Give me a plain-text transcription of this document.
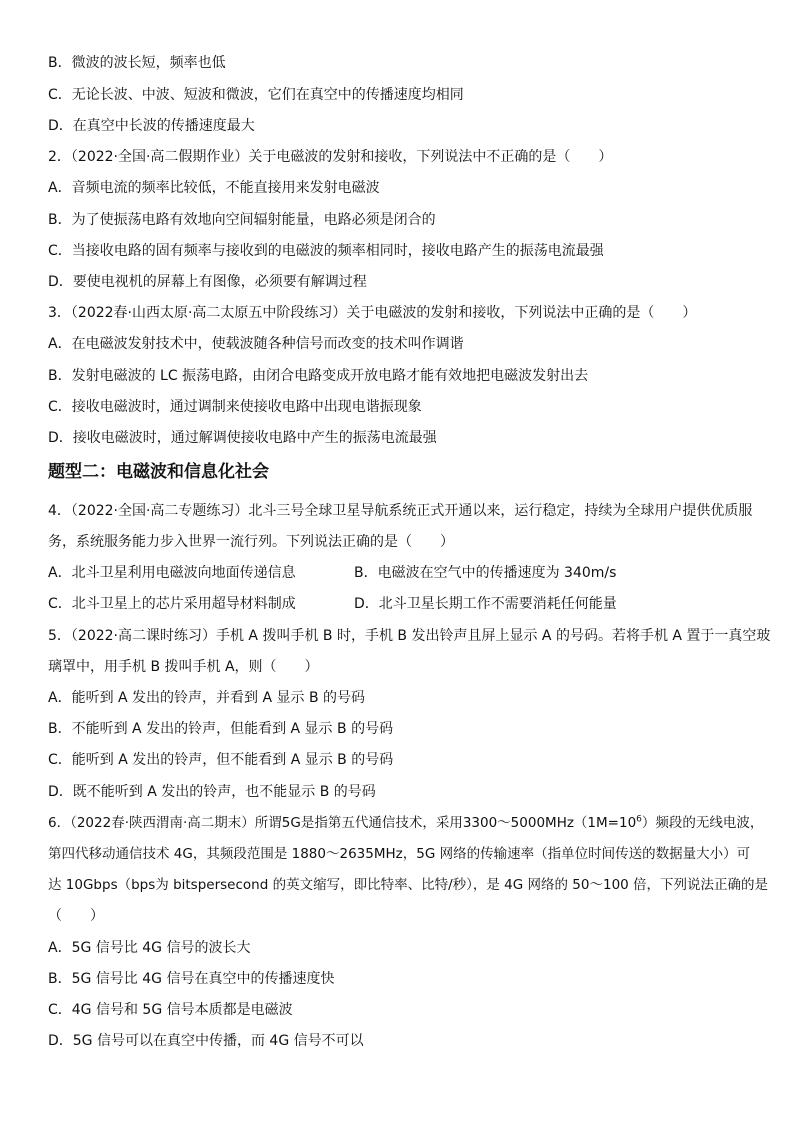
B．微波的波长短，频率也低
C．无论长波、中波、短波和微波，它们在真空中的传播速度均相同
D．在真空中长波的传播速度最大
2．（2022·全国·高二假期作业）关于电磁波的发射和接收，下列说法中不正确的是（　　）
A．音频电流的频率比较低，不能直接用来发射电磁波
B．为了使振荡电路有效地向空间辐射能量，电路必须是闭合的
C．当接收电路的固有频率与接收到的电磁波的频率相同时，接收电路产生的振荡电流最强
D．要使电视机的屏幕上有图像，必须要有解调过程
3．（2022春·山西太原·高二太原五中阶段练习）关于电磁波的发射和接收，下列说法中正确的是（　　）
A．在电磁波发射技术中，使载波随各种信号而改变的技术叫作调谐
B．发射电磁波的 LC 振荡电路，由闭合电路变成开放电路才能有效地把电磁波发射出去
C．接收电磁波时，通过调制来使接收电路中出现电谐振现象
D．接收电磁波时，通过解调使接收电路中产生的振荡电流最强
题型二：电磁波和信息化社会
4．（2022·全国·高二专题练习）北斗三号全球卫星导航系统正式开通以来，运行稳定，持续为全球用户提供优质服
务，系统服务能力步入世界一流行列。下列说法正确的是（　　）
A．北斗卫星利用电磁波向地面传递信息	B．电磁波在空气中的传播速度为 340m/s
C．北斗卫星上的芯片采用超导材料制成	D．北斗卫星长期工作不需要消耗任何能量
5．（2022·高二课时练习）手机 A 拨叫手机 B 时，手机 B 发出铃声且屏上显示 A 的号码。若将手机 A 置于一真空玻
璃罩中，用手机 B 拨叫手机 A，则（　　）
A．能听到 A 发出的铃声，并看到 A 显示 B 的号码
B．不能听到 A 发出的铃声，但能看到 A 显示 B 的号码
C．能听到 A 发出的铃声，但不能看到 A 显示 B 的号码
D．既不能听到 A 发出的铃声，也不能显示 B 的号码
6．（2022春·陕西渭南·高二期末）所谓5G是指第五代通信技术，采用$3300\sim 5000MHz(1M=10^6)$频段的无线电波，
第四代移动通信技术 4G，其频段范围是 1880～2635MHz，5G 网络的传输速率（指单位时间传送的数据量大小）可
达 10Gbps（bps为 bitspersecond 的英文缩写，即比特率、比特/秒），是 4G 网络的 50～100 倍，下列说法正确的是
（　　）
A．5G 信号比 4G 信号的波长大
B．5G 信号比 4G 信号在真空中的传播速度快
C．4G 信号和 5G 信号本质都是电磁波
D．5G 信号可以在真空中传播，而 4G 信号不可以
